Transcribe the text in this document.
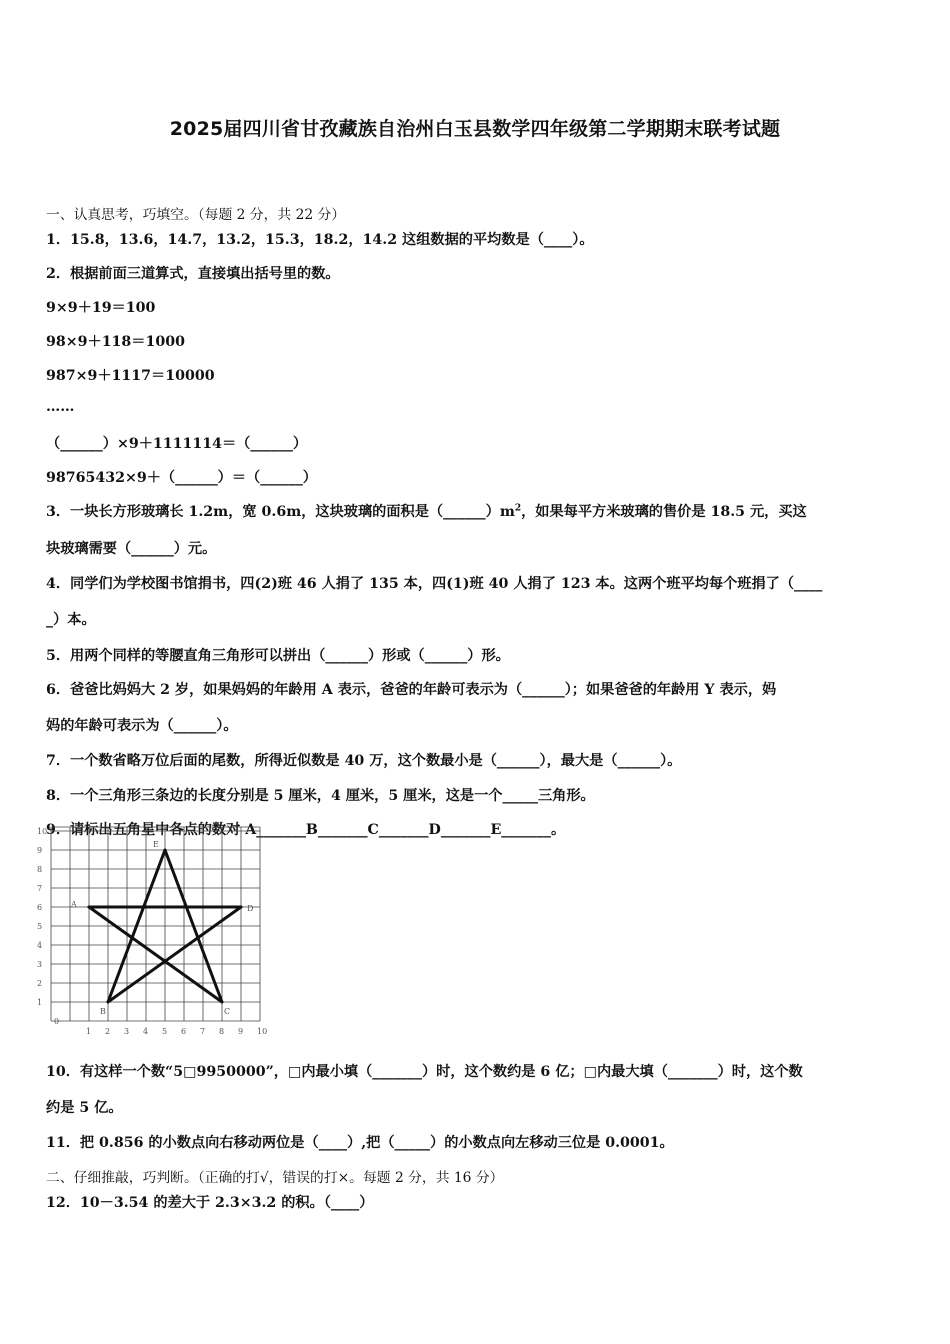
2025届四川省甘孜藏族自治州白玉县数学四年级第二学期期末联考试题
一、认真思考，巧填空。（每题 2 分，共 22 分）
1．15.8，13.6，14.7，13.2，15.3，18.2，14.2 这组数据的平均数是（____）。
2．根据前面三道算式，直接填出括号里的数。
9×9＋19＝100
98×9＋118＝1000
987×9＋1117＝10000
……
（______）×9＋1111114＝（______）
98765432×9＋（______）＝（______）
3．一块长方形玻璃长 1.2m，宽 0.6m，这块玻璃的面积是$(\_\_\_\_\_\_)m^2$，如果每平方米玻璃的售价是 18.5 元，买这
块玻璃需要（______）元。
4．同学们为学校图书馆捐书，四(2)班 46 人捐了 135 本，四(1)班 40 人捐了 123 本。这两个班平均每个班捐了（____
_）本。
5．用两个同样的等腰直角三角形可以拼出（______）形或（______）形。
6．爸爸比妈妈大 2 岁，如果妈妈的年龄用 A 表示，爸爸的年龄可表示为（______）；如果爸爸的年龄用 Y 表示，妈
妈的年龄可表示为（______）。
7．一个数省略万位后面的尾数，所得近似数是 40 万，这个数最小是（______），最大是（______）。
8．一个三角形三条边的长度分别是 5 厘米，4 厘米，5 厘米，这是一个_____三角形。
9．请标出五角星中各点的数对 A_______B_______C_______D_______E_______。
1 2 3 4 5 6 7 8 9 10
1
2
3
4
5
6
7
8
9
10
0
A
B	C
D
E
10．有这样一个数“5□9950000”，□内最小填（_______）时，这个数约是 6 亿；□内最大填（_______）时，这个数
约是 5 亿。
11．把 0.856 的小数点向右移动两位是（____）,把（_____）的小数点向左移动三位是 0.0001。
二、仔细推敲，巧判断。（正确的打√，错误的打×。每题 2 分，共 16 分）
12．10－3.54 的差大于 2.3×3.2 的积。（____）
